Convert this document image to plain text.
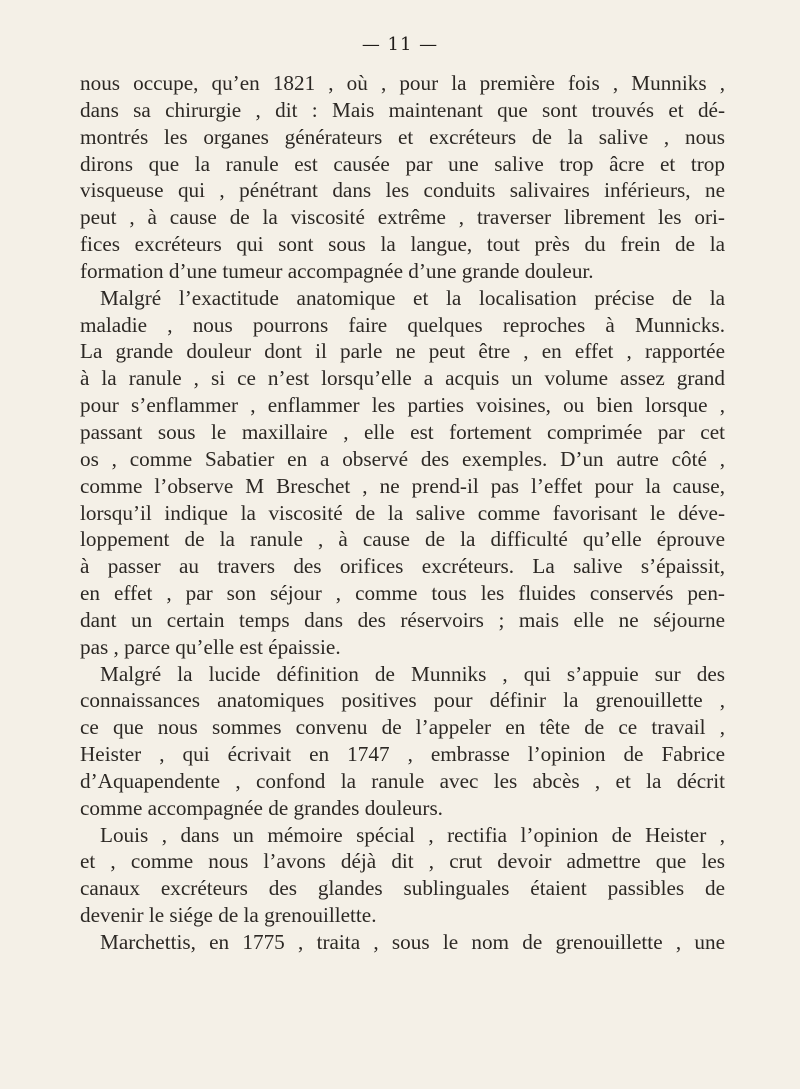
— 11 —
nous occupe, qu’en 1821 , où , pour la première fois , Munniks ,
dans sa chirurgie , dit : Mais maintenant que sont trouvés et dé-
montrés les organes générateurs et excréteurs de la salive , nous
dirons que la ranule est causée par une salive trop âcre et trop
visqueuse qui , pénétrant dans les conduits salivaires inférieurs, ne
peut , à cause de la viscosité extrême , traverser librement les ori-
fices excréteurs qui sont sous la langue, tout près du frein de la
formation d’une tumeur accompagnée d’une grande douleur.
Malgré l’exactitude anatomique et la localisation précise de la
maladie , nous pourrons faire quelques reproches à Munnicks.
La grande douleur dont il parle ne peut être , en effet , rapportée
à la ranule , si ce n’est lorsqu’elle a acquis un volume assez grand
pour s’enflammer , enflammer les parties voisines, ou bien lorsque ,
passant sous le maxillaire , elle est fortement comprimée par cet
os , comme Sabatier en a observé des exemples. D’un autre côté ,
comme l’observe M Breschet , ne prend-il pas l’effet pour la cause,
lorsqu’il indique la viscosité de la salive comme favorisant le déve-
loppement de la ranule , à cause de la difficulté qu’elle éprouve
à passer au travers des orifices excréteurs. La salive s’épaissit,
en effet , par son séjour , comme tous les fluides conservés pen-
dant un certain temps dans des réservoirs ; mais elle ne séjourne
pas , parce qu’elle est épaissie.
Malgré la lucide définition de Munniks , qui s’appuie sur des
connaissances anatomiques positives pour définir la grenouillette ,
ce que nous sommes convenu de l’appeler en tête de ce travail ,
Heister , qui écrivait en 1747 , embrasse l’opinion de Fabrice
d’Aquapendente , confond la ranule avec les abcès , et la décrit
comme accompagnée de grandes douleurs.
Louis , dans un mémoire spécial , rectifia l’opinion de Heister ,
et , comme nous l’avons déjà dit , crut devoir admettre que les
canaux excréteurs des glandes sublinguales étaient passibles de
devenir le siége de la grenouillette.
Marchettis, en 1775 , traita , sous le nom de grenouillette , une
